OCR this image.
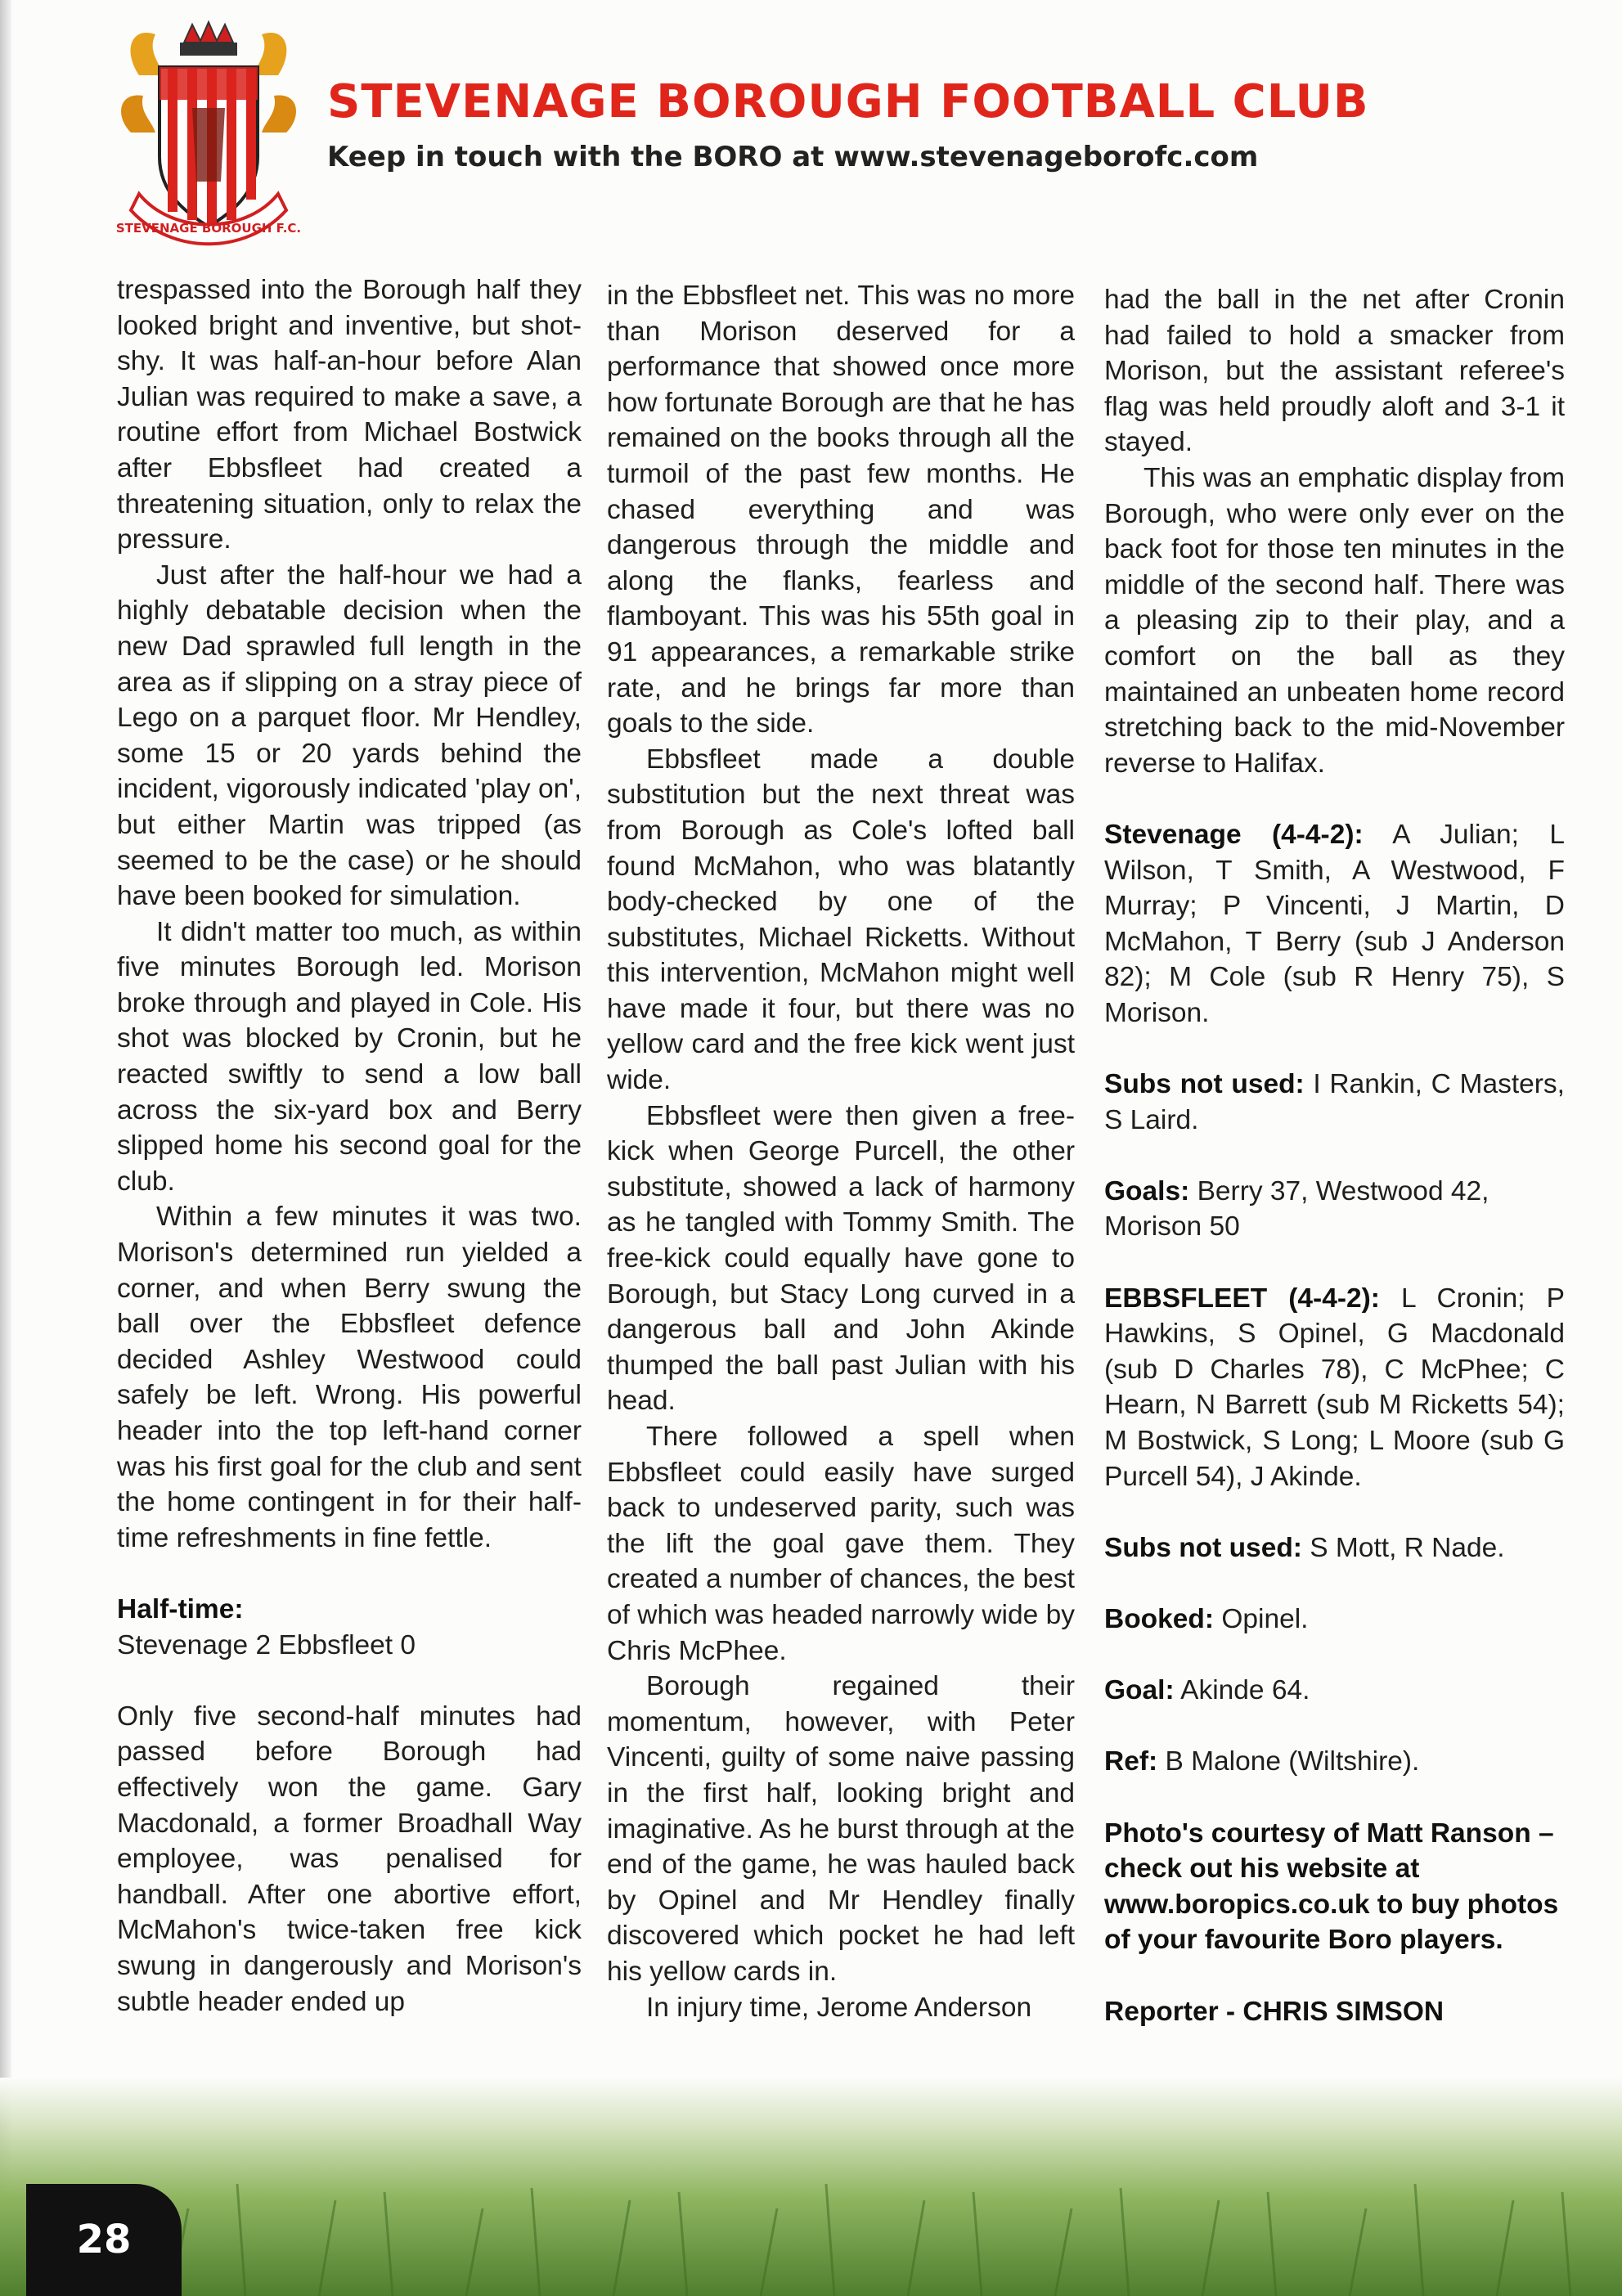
STEVENAGE BOROUGH F.C.
STEVENAGE BOROUGH FOOTBALL CLUB

Keep in touch with the BORO at www.stevenageborofc.com

trespassed into the Borough half they looked bright and inventive, but shot-shy. It was half-an-hour before Alan Julian was required to make a save, a routine effort from Michael Bostwick after Ebbsfleet had created a threatening situation, only to relax the pressure.

Just after the half-hour we had a highly debatable decision when the new Dad sprawled full length in the area as if slipping on a stray piece of Lego on a parquet floor. Mr Hendley, some 15 or 20 yards behind the incident, vigorously indicated 'play on', but either Martin was tripped (as seemed to be the case) or he should have been booked for simulation.

It didn't matter too much, as within five minutes Borough led. Morison broke through and played in Cole. His shot was blocked by Cronin, but he reacted swiftly to send a low ball across the six-yard box and Berry slipped home his second goal for the club.

Within a few minutes it was two. Morison's determined run yielded a corner, and when Berry swung the ball over the Ebbsfleet defence decided Ashley Westwood could safely be left. Wrong. His powerful header into the top left-hand corner was his first goal for the club and sent the home contingent in for their half-time refreshments in fine fettle.

Half-time:

Stevenage 2 Ebbsfleet 0

Only five second-half minutes had passed before Borough had effectively won the game. Gary Macdonald, a former Broadhall Way employee, was penalised for handball. After one abortive effort, McMahon's twice-taken free kick swung in dangerously and Morison's subtle header ended up

in the Ebbsfleet net. This was no more than Morison deserved for a performance that showed once more how fortunate Borough are that he has remained on the books through all the turmoil of the past few months. He chased everything and was dangerous through the middle and along the flanks, fearless and flamboyant. This was his 55th goal in 91 appearances, a remarkable strike rate, and he brings far more than goals to the side.

Ebbsfleet made a double substitution but the next threat was from Borough as Cole's lofted ball found McMahon, who was blatantly body-checked by one of the substitutes, Michael Ricketts. Without this intervention, McMahon might well have made it four, but there was no yellow card and the free kick went just wide.

Ebbsfleet were then given a free-kick when George Purcell, the other substitute, showed a lack of harmony as he tangled with Tommy Smith. The free-kick could equally have gone to Borough, but Stacy Long curved in a dangerous ball and John Akinde thumped the ball past Julian with his head.

There followed a spell when Ebbsfleet could easily have surged back to undeserved parity, such was the lift the goal gave them. They created a number of chances, the best of which was headed narrowly wide by Chris McPhee.

Borough regained their momentum, however, with Peter Vincenti, guilty of some naive passing in the first half, looking bright and imaginative. As he burst through at the end of the game, he was hauled back by Opinel and Mr Hendley finally discovered which pocket he had left his yellow cards in.

In injury time, Jerome Anderson

had the ball in the net after Cronin had failed to hold a smacker from Morison, but the assistant referee's flag was held proudly aloft and 3-1 it stayed.

This was an emphatic display from Borough, who were only ever on the back foot for those ten minutes in the middle of the second half. There was a pleasing zip to their play, and a comfort on the ball as they maintained an unbeaten home record stretching back to the mid-November reverse to Halifax.

Stevenage (4-4-2): A Julian; L Wilson, T Smith, A Westwood, F Murray; P Vincenti, J Martin, D McMahon, T Berry (sub J Anderson 82); M Cole (sub R Henry 75), S Morison.

Subs not used: I Rankin, C Masters, S Laird.

Goals: Berry 37, Westwood 42, Morison 50

EBBSFLEET (4-4-2): L Cronin; P Hawkins, S Opinel, G Macdonald (sub D Charles 78), C McPhee; C Hearn, N Barrett (sub M Ricketts 54); M Bostwick, S Long; L Moore (sub G Purcell 54), J Akinde.

Subs not used: S Mott, R Nade.

Booked: Opinel.

Goal: Akinde 64.

Ref: B Malone (Wiltshire).

Photo's courtesy of Matt Ranson – check out his website at www.boropics.co.uk to buy photos of your favourite Boro players.

Reporter - CHRIS SIMSON

28
